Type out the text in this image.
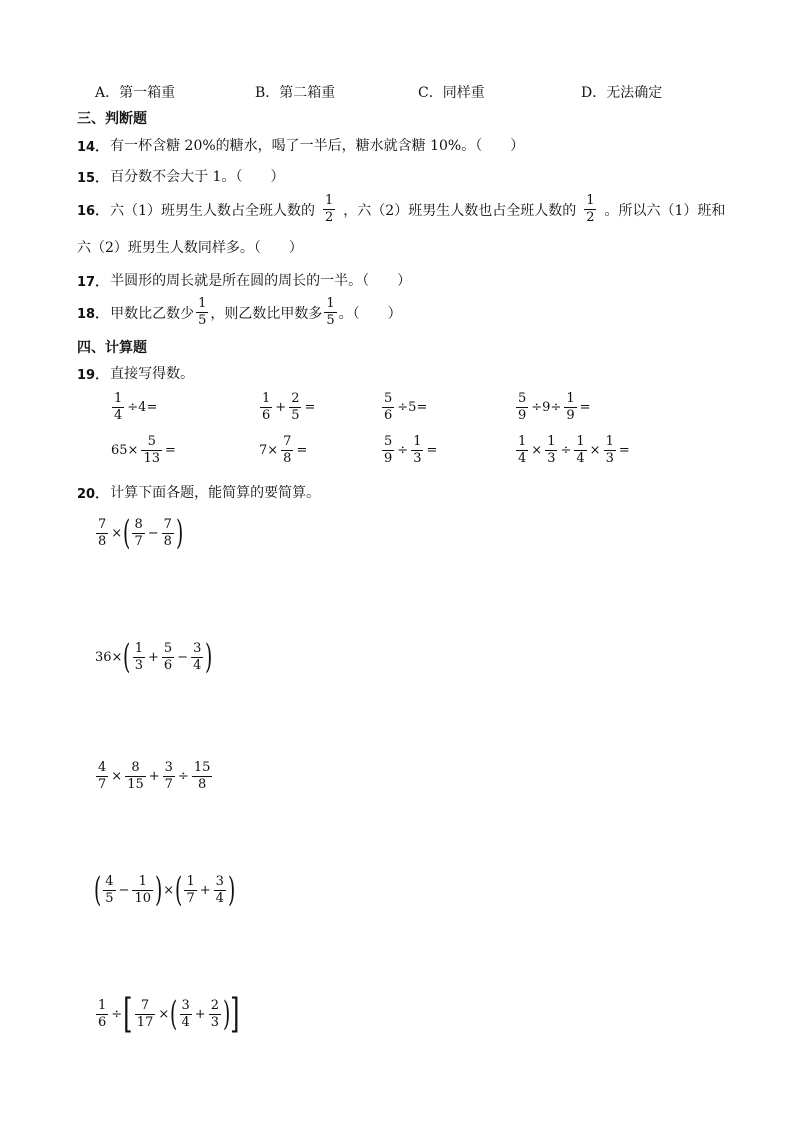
A．第一箱重	B．第二箱重	C．同样重	D．无法确定
三、判断题
14． 有一杯含糖 20%的糖水，喝了一半后，糖水就含糖 10%。（　　）
15． 百分数不会大于 1。（　　）
16． 六（1）班男生人数占全班人数的 $\frac{1}{2}$ ，六（2）班男生人数也占全班人数的 $\frac{1}{2}$ 。所以六（1）班和
六（2）班男生人数同样多。（　　）
17． 半圆形的周长就是所在圆的周长的一半。（　　）
18． 甲数比乙数少 $\frac{1}{5}$ ，则乙数比甲数多 $\frac{1}{5}$ 。（　　）
四、计算题
19． 直接写得数。
$\frac{1}{4} \div 4=$	$\frac{1}{6} + \frac{2}{5}$ =	$\frac{5}{6} \div 5=$	$\frac{5}{9} \div 9\div \frac{1}{9}$ =
$65\times \frac{5}{13}$ =	$7\times \frac{7}{8}$ =	$\frac{5}{9} \div \frac{1}{3}$ =	$\frac{1}{4} \times \frac{1}{3} \div \frac{1}{4} \times \frac{1}{3}$ =
20． 计算下面各题，能简算的要简算。
$\frac{7}{8}$ × ( $\frac{8}{7} - \frac{7}{8}$ )
36× ( $\frac{1}{3} + \frac{5}{6} - \frac{3}{4}$ )
$\frac{4}{7} \times \frac{8}{15} + \frac{3}{7} \div \frac{15}{8}$
( $\frac{4}{5} - \frac{1}{10}$ ) × ( $\frac{1}{7} + \frac{3}{4}$ )
$\frac{1}{6}$ ÷ [ $\frac{7}{17}$ × ( $\frac{3}{4} + \frac{2}{3}$ ) ]
